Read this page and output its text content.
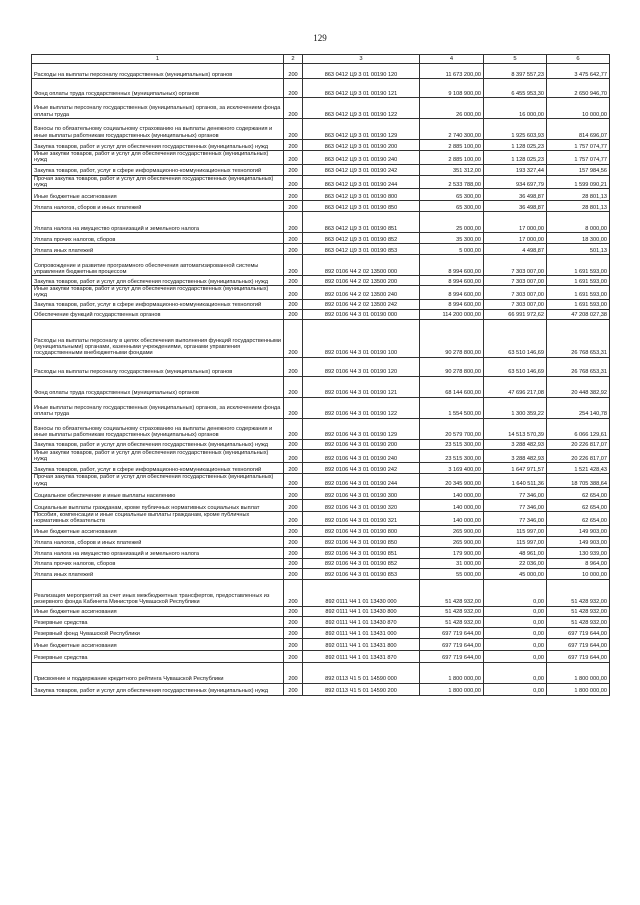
129
1	2	3	4	5	6
Расходы на выплаты персоналу государственных (муниципальных) органов	200	863 0412 Ц9 3 01 00190 120	11 673 200,00	8 397 557,23	3 475 642,77
Фонд оплаты труда государственных (муниципальных) органов	200	863 0412 Ц9 3 01 00190 121	9 108 900,00	6 455 953,30	2 650 946,70
Иные выплаты персоналу государственных (муниципальных) органов, за исключением фонда оплаты труда	200	863 0412 Ц9 3 01 00190 122	26 000,00	16 000,00	10 000,00
Взносы по обязательному социальному страхованию на выплаты денежного содержания и иные выплаты работникам государственных (муниципальных) органов	200	863 0412 Ц9 3 01 00190 129	2 740 300,00	1 925 603,93	814 696,07
Закупка товаров, работ и услуг для обеспечения государственных (муниципальных) нужд	200	863 0412 Ц9 3 01 00190 200	2 885 100,00	1 128 025,23	1 757 074,77
Иные закупки товаров, работ и услуг для обеспечения государственных (муниципальных) нужд	200	863 0412 Ц9 3 01 00190 240	2 885 100,00	1 128 025,23	1 757 074,77
Закупка товаров, работ, услуг в сфере информационно-коммуникационных технологий	200	863 0412 Ц9 3 01 00190 242	351 312,00	193 327,44	157 984,56
Прочая закупка товаров, работ и услуг для обеспечения государственных (муниципальных) нужд	200	863 0412 Ц9 3 01 00190 244	2 533 788,00	934 697,79	1 599 090,21
Иные бюджетные ассигнования	200	863 0412 Ц9 3 01 00190 800	65 300,00	36 498,87	28 801,13
Уплата налогов, сборов и иных платежей	200	863 0412 Ц9 3 01 00190 850	65 300,00	36 498,87	28 801,13
Уплата налога на имущество организаций и земельного налога	200	863 0412 Ц9 3 01 00190 851	25 000,00	17 000,00	8 000,00
Уплата прочих налогов, сборов	200	863 0412 Ц9 3 01 00190 852	35 300,00	17 000,00	18 300,00
Уплата иных платежей	200	863 0412 Ц9 3 01 00190 853	5 000,00	4 498,87	501,13
Сопровождение и развитие программного обеспечения автоматизированной системы управления бюджетным процессом	200	892 0106 Ч4 2 02 13500 000	8 994 600,00	7 303 007,00	1 691 593,00
Закупка товаров, работ и услуг для обеспечения государственных (муниципальных) нужд	200	892 0106 Ч4 2 02 13500 200	8 994 600,00	7 303 007,00	1 691 593,00
Иные закупки товаров, работ и услуг для обеспечения государственных (муниципальных) нужд	200	892 0106 Ч4 2 02 13500 240	8 994 600,00	7 303 007,00	1 691 593,00
Закупка товаров, работ, услуг в сфере информационно-коммуникационных технологий	200	892 0106 Ч4 2 02 13500 242	8 994 600,00	7 303 007,00	1 691 593,00
Обеспечение функций государственных органов	200	892 0106 Ч4 3 01 00190 000	114 200 000,00	66 991 972,62	47 208 027,38
Расходы на выплаты персоналу в целях обеспечения выполнения функций государственными (муниципальными) органами, казенными учреждениями, органами управления государственными внебюджетными фондами	200	892 0106 Ч4 3 01 00190 100	90 278 800,00	63 510 146,69	26 768 653,31
Расходы на выплаты персоналу государственных (муниципальных) органов	200	892 0106 Ч4 3 01 00190 120	90 278 800,00	63 510 146,69	26 768 653,31
Фонд оплаты труда государственных (муниципальных) органов	200	892 0106 Ч4 3 01 00190 121	68 144 600,00	47 696 217,08	20 448 382,92
Иные выплаты персоналу государственных (муниципальных) органов, за исключением фонда оплаты труда	200	892 0106 Ч4 3 01 00190 122	1 554 500,00	1 300 359,22	254 140,78
Взносы по обязательному социальному страхованию на выплаты денежного содержания и иные выплаты работникам государственных (муниципальных) органов	200	892 0106 Ч4 3 01 00190 129	20 579 700,00	14 513 570,39	6 066 129,61
Закупка товаров, работ и услуг для обеспечения государственных (муниципальных) нужд	200	892 0106 Ч4 3 01 00190 200	23 515 300,00	3 288 482,93	20 226 817,07
Иные закупки товаров, работ и услуг для обеспечения государственных (муниципальных) нужд	200	892 0106 Ч4 3 01 00190 240	23 515 300,00	3 288 482,93	20 226 817,07
Закупка товаров, работ, услуг в сфере информационно-коммуникационных технологий	200	892 0106 Ч4 3 01 00190 242	3 169 400,00	1 647 971,57	1 521 428,43
Прочая закупка товаров, работ и услуг для обеспечения государственных (муниципальных) нужд	200	892 0106 Ч4 3 01 00190 244	20 345 900,00	1 640 511,36	18 705 388,64
Социальное обеспечение и иные выплаты населению	200	892 0106 Ч4 3 01 00190 300	140 000,00	77 346,00	62 654,00
Социальные выплаты гражданам, кроме публичных нормативных социальных выплат	200	892 0106 Ч4 3 01 00190 320	140 000,00	77 346,00	62 654,00
Пособия, компенсации и иные социальные выплаты гражданам, кроме публичных нормативных обязательств	200	892 0106 Ч4 3 01 00190 321	140 000,00	77 346,00	62 654,00
Иные бюджетные ассигнования	200	892 0106 Ч4 3 01 00190 800	265 900,00	115 997,00	149 903,00
Уплата налогов, сборов и иных платежей	200	892 0106 Ч4 3 01 00190 850	265 900,00	115 997,00	149 903,00
Уплата налога на имущество организаций и земельного налога	200	892 0106 Ч4 3 01 00190 851	179 900,00	48 961,00	130 939,00
Уплата прочих налогов, сборов	200	892 0106 Ч4 3 01 00190 852	31 000,00	22 036,00	8 964,00
Уплата иных платежей	200	892 0106 Ч4 3 01 00190 853	55 000,00	45 000,00	10 000,00
Реализация мероприятий за счет иных межбюджетных трансфертов, предоставленных из резервного фонда Кабинета Министров Чувашской Республики	200	892 0111 Ч4 1 01 13430 000	51 428 932,00	0,00	51 428 932,00
Иные бюджетные ассигнования	200	892 0111 Ч4 1 01 13430 800	51 428 932,00	0,00	51 428 932,00
Резервные средства	200	892 0111 Ч4 1 01 13430 870	51 428 932,00	0,00	51 428 932,00
Резервный фонд Чувашской Республики	200	892 0111 Ч4 1 01 13431 000	697 719 644,00	0,00	697 719 644,00
Иные бюджетные ассигнования	200	892 0111 Ч4 1 01 13431 800	697 719 644,00	0,00	697 719 644,00
Резервные средства	200	892 0111 Ч4 1 01 13431 870	697 719 644,00	0,00	697 719 644,00
Присвоение и поддержание кредитного рейтинга Чувашской Республики	200	892 0113 Ч1 5 01 14590 000	1 800 000,00	0,00	1 800 000,00
Закупка товаров, работ и услуг для обеспечения государственных (муниципальных) нужд	200	892 0113 Ч1 5 01 14590 200	1 800 000,00	0,00	1 800 000,00
